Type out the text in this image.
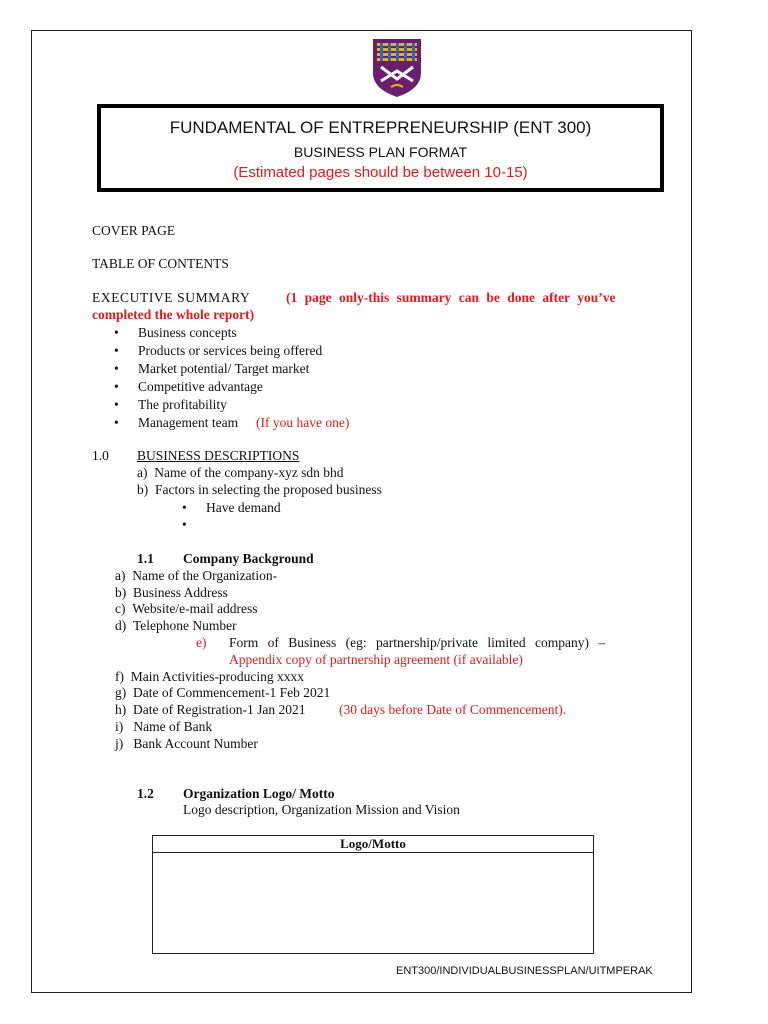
FUNDAMENTAL OF ENTREPRENEURSHIP (ENT 300)
BUSINESS PLAN FORMAT
(Estimated pages should be between 10-15)
COVER PAGE
TABLE OF CONTENTS
EXECUTIVE SUMMARY	(1 page only-this summary can be done after you’ve
completed the whole report)
• Business concepts
• Products or services being offered
• Market potential/ Target market
• Competitive advantage
• The profitability
• Management team (If you have one)
1.0 BUSINESS DESCRIPTIONS
a)  Name of the company-xyz sdn bhd
b)  Factors in selecting the proposed business
• Have demand
1.1 Company Background
a)  Name of the Organization-
b)  Business Address
c)  Website/e-mail address
d)  Telephone Number
e) Form of Business (eg: partnership/private limited company) –
Appendix copy of partnership agreement (if available)
f)  Main Activities-producing xxxx
g)  Date of Commencement-1 Feb 2021
h)  Date of Registration-1 Jan 2021 (30 days before Date of Commencement).
i)   Name of Bank
j)   Bank Account Number
1.2 Organization Logo/ Motto
Logo description, Organization Mission and Vision
Logo/Motto
ENT300/INDIVIDUALBUSINESSPLAN/UITMPERAK
